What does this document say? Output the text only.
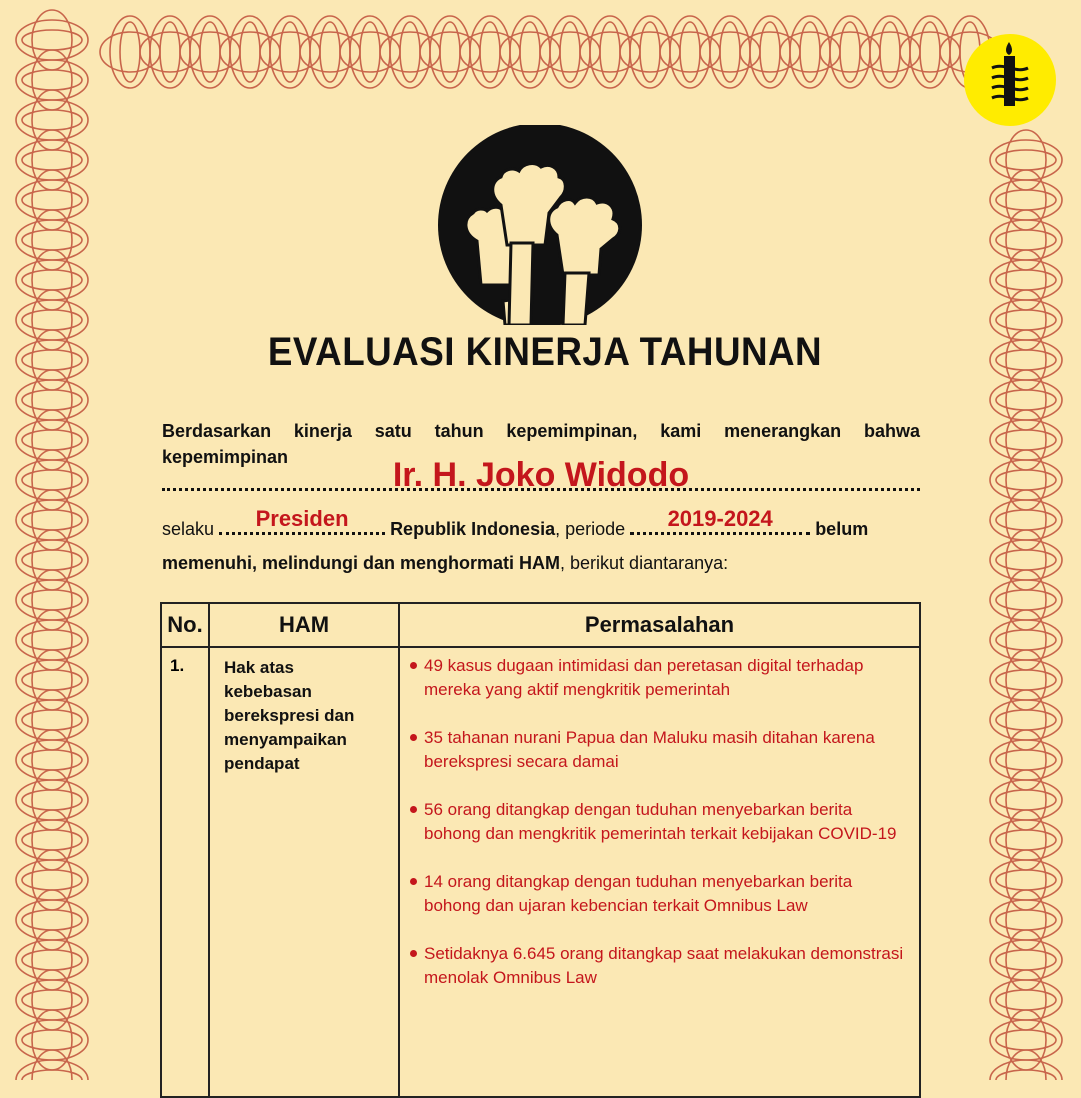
EVALUASI KINERJA TAHUNAN
Berdasarkan kinerja satu tahun kepemimpinan, kami menerangkan bahwa kepemimpinan	Ir. H. Joko Widodo
selaku	Presiden	Republik Indonesia, periode	2019-2024	belum
memenuhi, melindungi dan menghormati HAM, berikut diantaranya:
No.	HAM	Permasalahan
1.	Hak atas kebebasan berekspresi dan menyampaikan pendapat	49 kasus dugaan intimidasi dan peretasan digital terhadap mereka yang aktif mengkritik pemerintah
35 tahanan nurani Papua dan Maluku masih ditahan karena berekspresi secara damai
56 orang ditangkap dengan tuduhan menyebarkan berita bohong dan mengkritik pemerintah terkait kebijakan COVID-19
14 orang ditangkap dengan tuduhan menyebarkan berita bohong dan ujaran kebencian terkait Omnibus Law
Setidaknya 6.645 orang ditangkap saat melakukan demonstrasi menolak Omnibus Law
